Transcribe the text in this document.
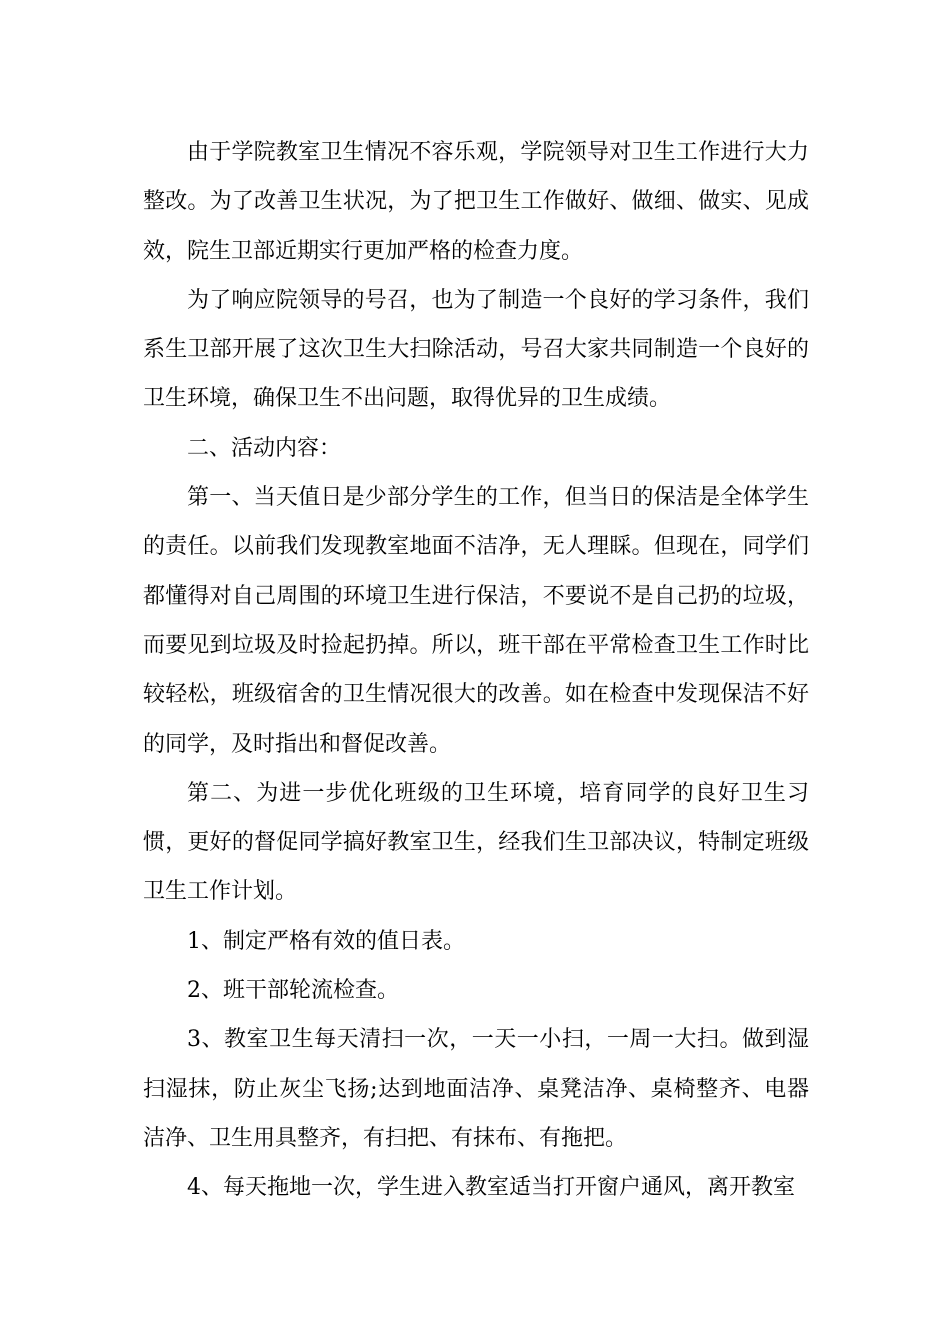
由于学院教室卫生情况不容乐观，学院领导对卫生工作进行大力整改。为了改善卫生状况，为了把卫生工作做好、做细、做实、见成效，院生卫部近期实行更加严格的检查力度。

为了响应院领导的号召，也为了制造一个良好的学习条件，我们系生卫部开展了这次卫生大扫除活动，号召大家共同制造一个良好的卫生环境，确保卫生不出问题，取得优异的卫生成绩。

二、活动内容：

第一、当天值日是少部分学生的工作，但当日的保洁是全体学生的责任。以前我们发现教室地面不洁净，无人理睬。但现在，同学们都懂得对自己周围的环境卫生进行保洁，不要说不是自己扔的垃圾，而要见到垃圾及时捡起扔掉。所以，班干部在平常检查卫生工作时比较轻松，班级宿舍的卫生情况很大的改善。如在检查中发现保洁不好的同学，及时指出和督促改善。

第二、为进一步优化班级的卫生环境，培育同学的良好卫生习惯，更好的督促同学搞好教室卫生，经我们生卫部决议，特制定班级卫生工作计划。

1、制定严格有效的值日表。

2、班干部轮流检查。

3、教室卫生每天清扫一次，一天一小扫，一周一大扫。做到湿扫湿抹，防止灰尘飞扬;达到地面洁净、桌凳洁净、桌椅整齐、电器洁净、卫生用具整齐，有扫把、有抹布、有拖把。

4、每天拖地一次，学生进入教室适当打开窗户通风，离开教室
